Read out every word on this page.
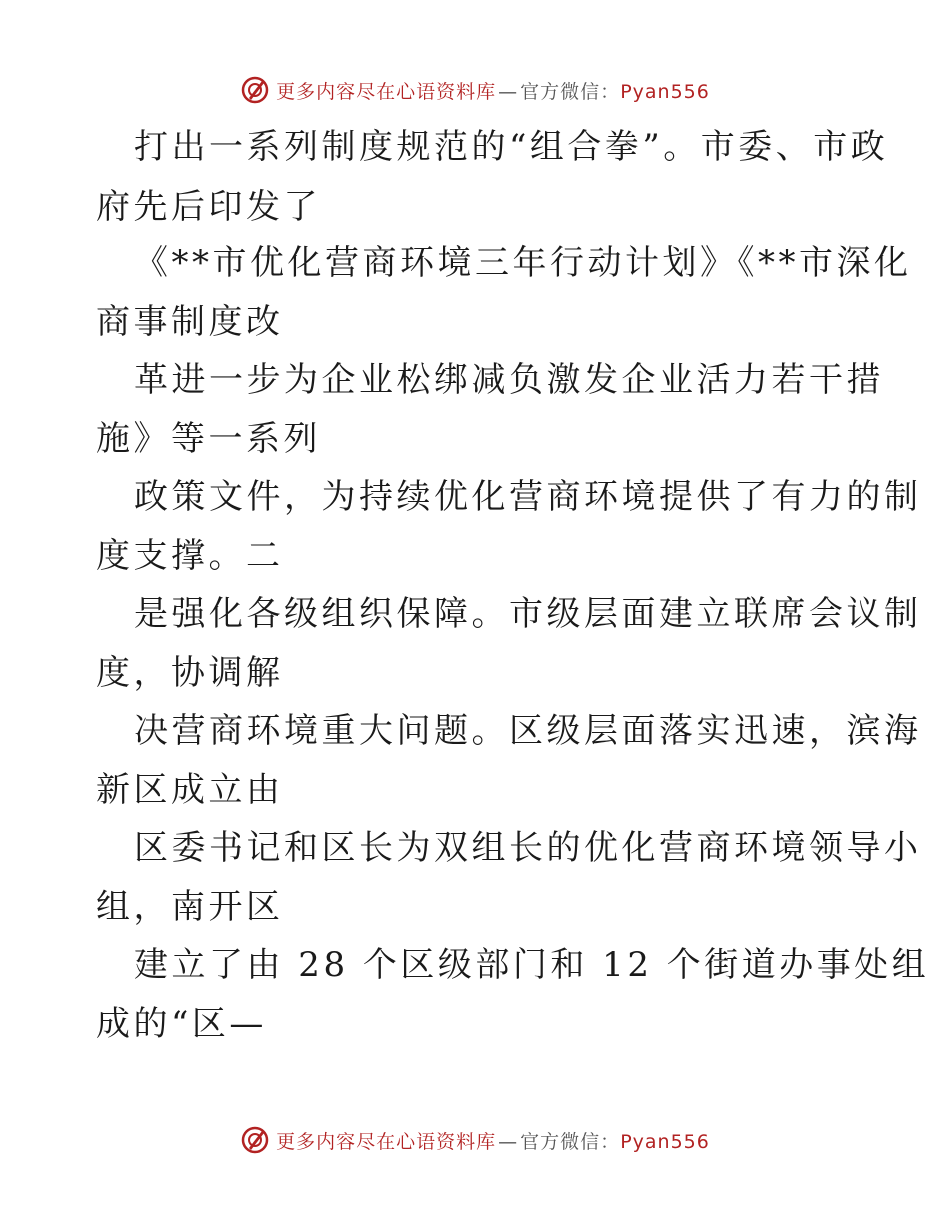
更多内容尽在心语资料库 — 官方微信：Pyan556
打出一系列制度规范的“组合拳”。市委、市政
府先后印发了
《**市优化营商环境三年行动计划》《**市深化
商事制度改
革进一步为企业松绑减负激发企业活力若干措
施》等一系列
政策文件，为持续优化营商环境提供了有力的制
度支撑。二
是强化各级组织保障。市级层面建立联席会议制
度，协调解
决营商环境重大问题。区级层面落实迅速，滨海
新区成立由
区委书记和区长为双组长的优化营商环境领导小
组，南开区
建立了由 28 个区级部门和 12 个街道办事处组
成的“区—
更多内容尽在心语资料库 — 官方微信：Pyan556
